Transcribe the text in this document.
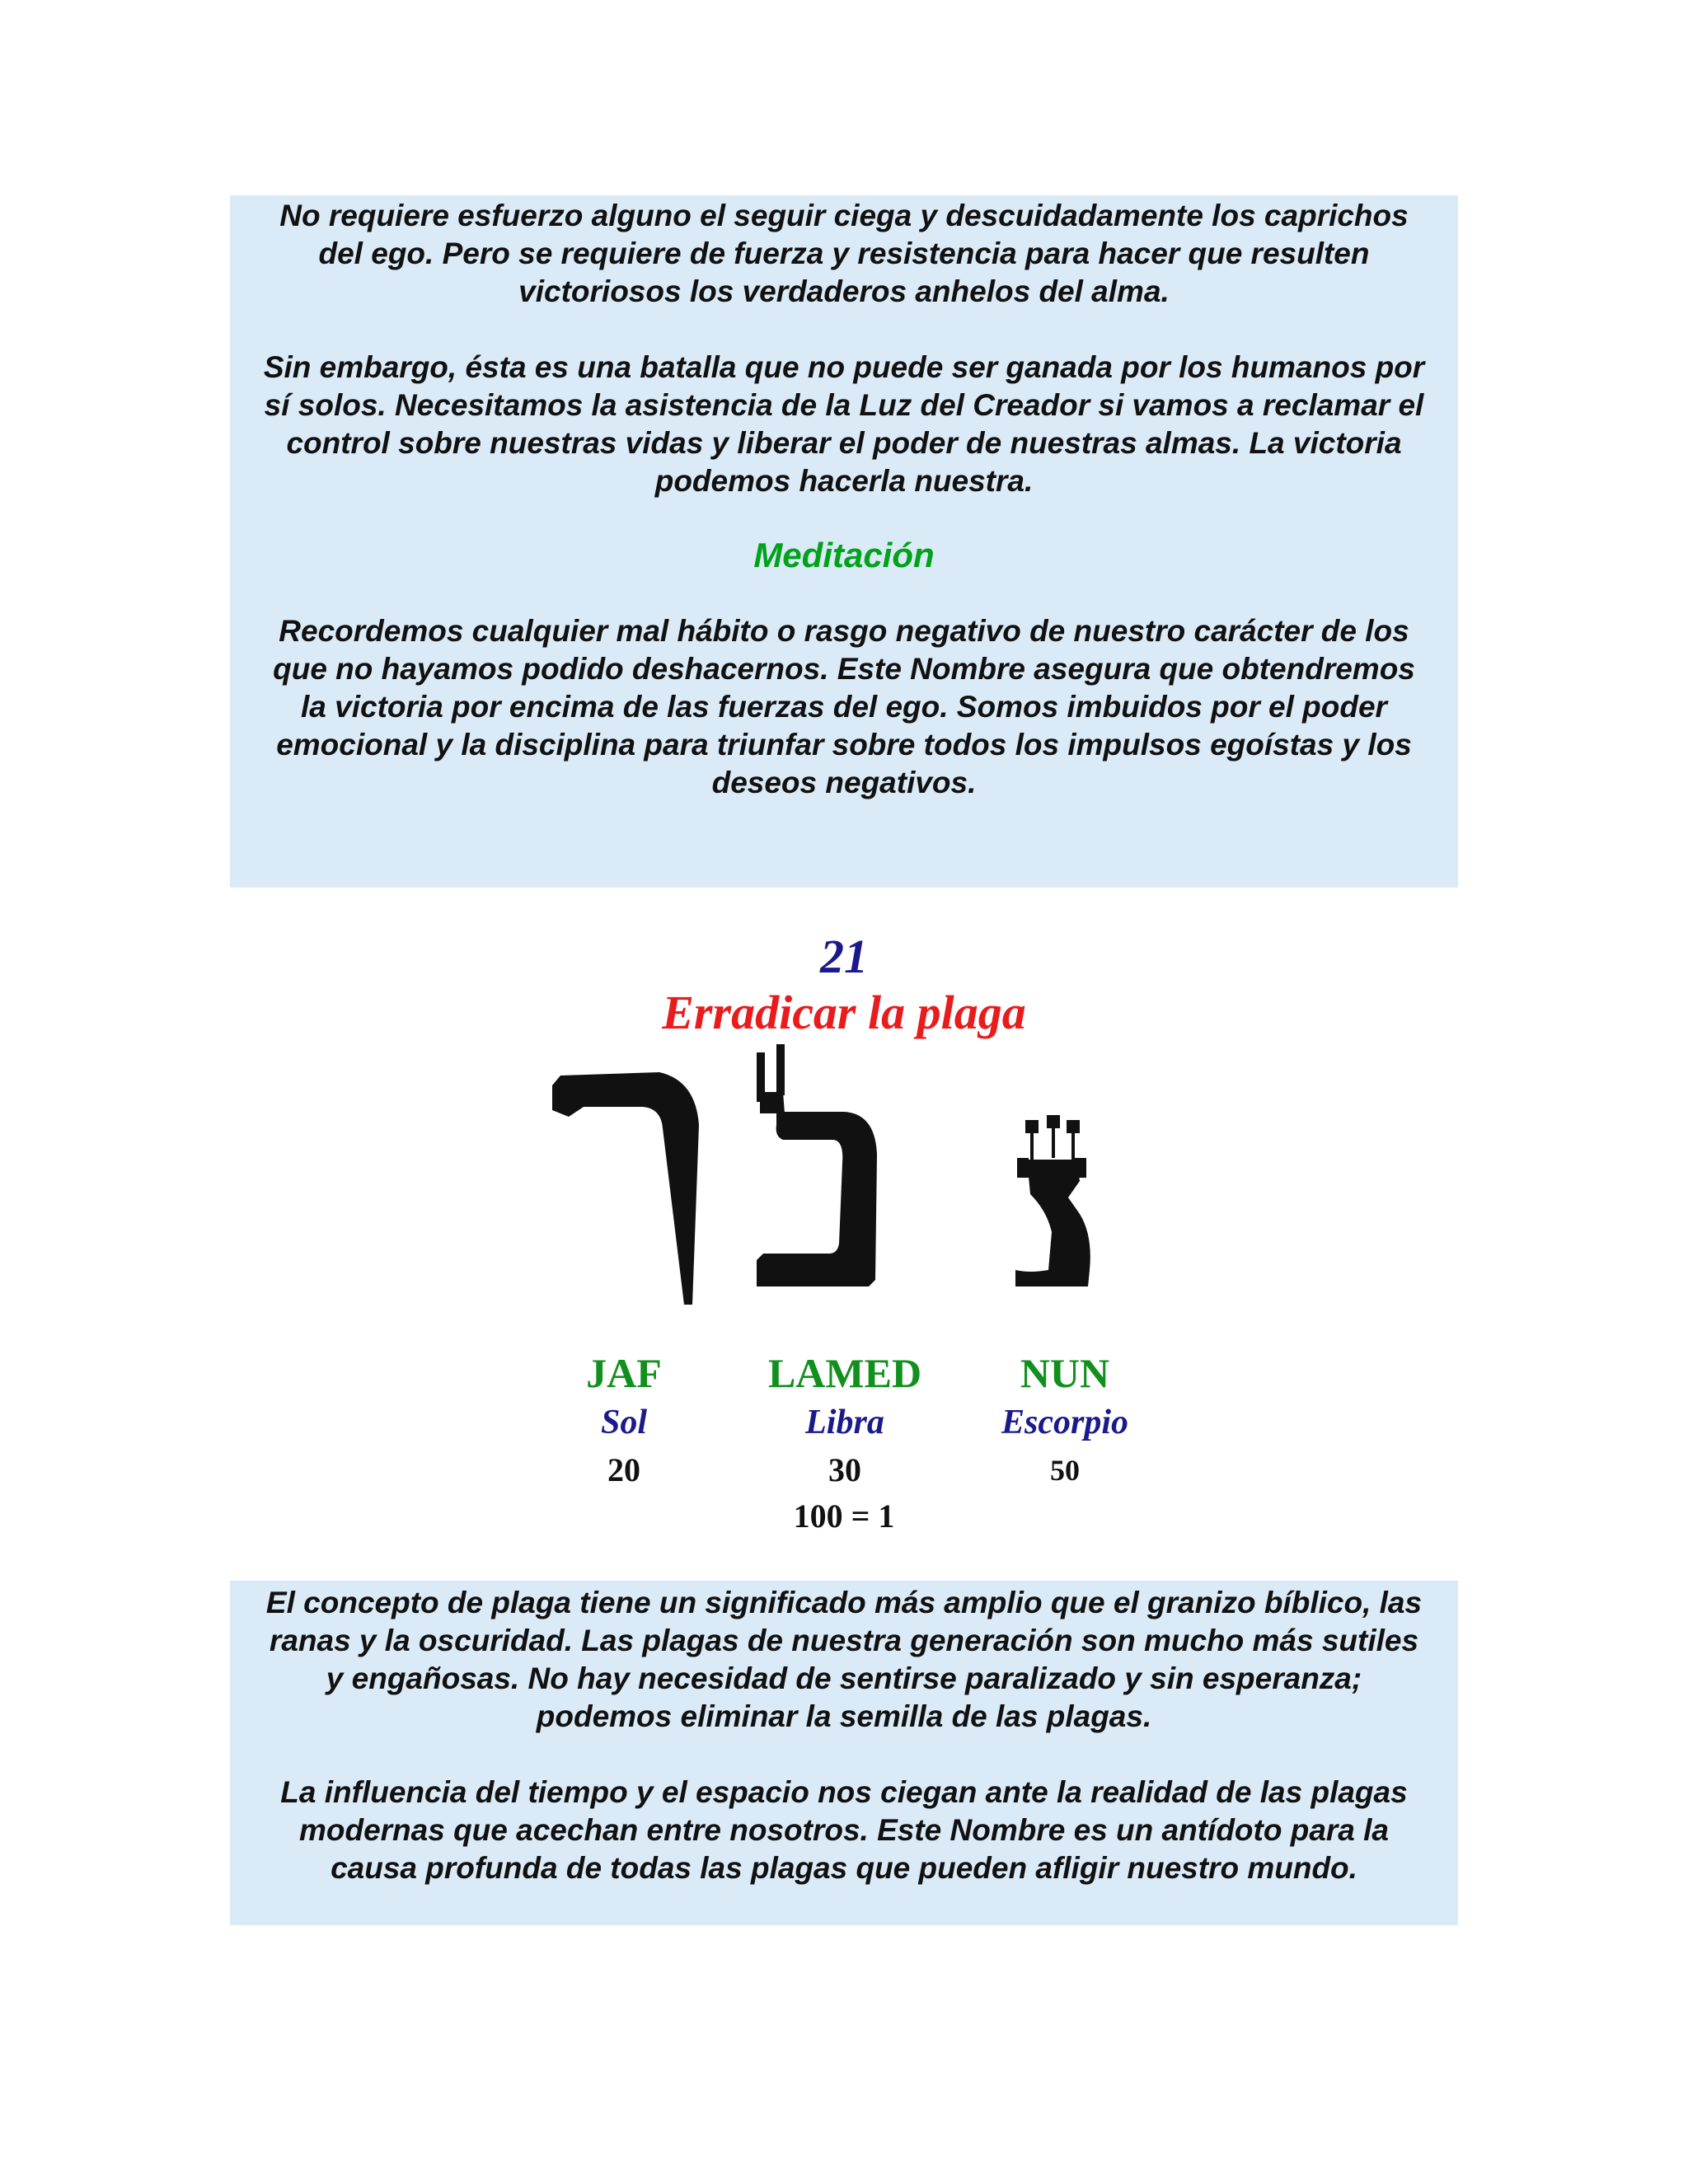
No requiere esfuerzo alguno el seguir ciega y descuidadamente los caprichos del ego. Pero se requiere de fuerza y resistencia para hacer que resulten victoriosos los verdaderos anhelos del alma.

Sin embargo, ésta es una batalla que no puede ser ganada por los humanos por sí solos. Necesitamos la asistencia de la Luz del Creador si vamos a reclamar el control sobre nuestras vidas y liberar el poder de nuestras almas. La victoria podemos hacerla nuestra.

Meditación

Recordemos cualquier mal hábito o rasgo negativo de nuestro carácter de los que no hayamos podido deshacernos. Este Nombre asegura que obtendremos la victoria por encima de las fuerzas del ego. Somos imbuidos por el poder emocional y la disciplina para triunfar sobre todos los impulsos egoístas y los deseos negativos.

21
Erradicar la plaga
JAF
Sol
20
LAMED
Libra
30
NUN
Escorpio
50
100 = 1

El concepto de plaga tiene un significado más amplio que el granizo bíblico, las ranas y la oscuridad. Las plagas de nuestra generación son mucho más sutiles y engañosas. No hay necesidad de sentirse paralizado y sin esperanza; podemos eliminar la semilla de las plagas.

La influencia del tiempo y el espacio nos ciegan ante la realidad de las plagas modernas que acechan entre nosotros. Este Nombre es un antídoto para la causa profunda de todas las plagas que pueden afligir nuestro mundo.
